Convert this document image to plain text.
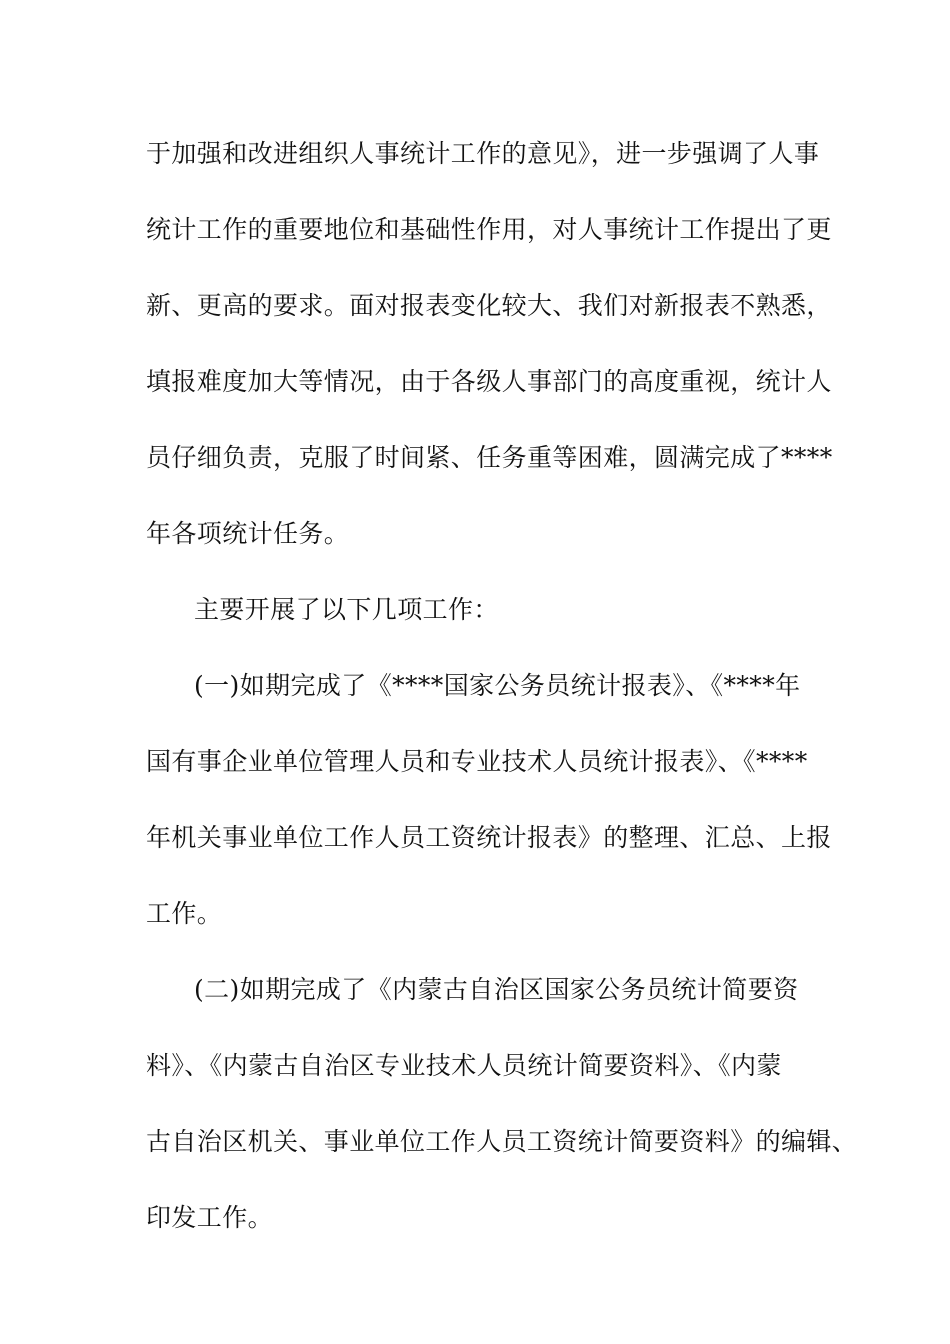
于加强和改进组织人事统计工作的意见》，进一步强调了人事
统计工作的重要地位和基础性作用，对人事统计工作提出了更
新、更高的要求。面对报表变化较大、我们对新报表不熟悉，
填报难度加大等情况，由于各级人事部门的高度重视，统计人
员仔细负责，克服了时间紧、任务重等困难，圆满完成了****
年各项统计任务。
主要开展了以下几项工作：
(一)如期完成了《****国家公务员统计报表》、《****年
国有事企业单位管理人员和专业技术人员统计报表》、《****
年机关事业单位工作人员工资统计报表》的整理、汇总、上报
工作。
(二)如期完成了《内蒙古自治区国家公务员统计简要资
料》、《内蒙古自治区专业技术人员统计简要资料》、《内蒙
古自治区机关、事业单位工作人员工资统计简要资料》的编辑、
印发工作。
